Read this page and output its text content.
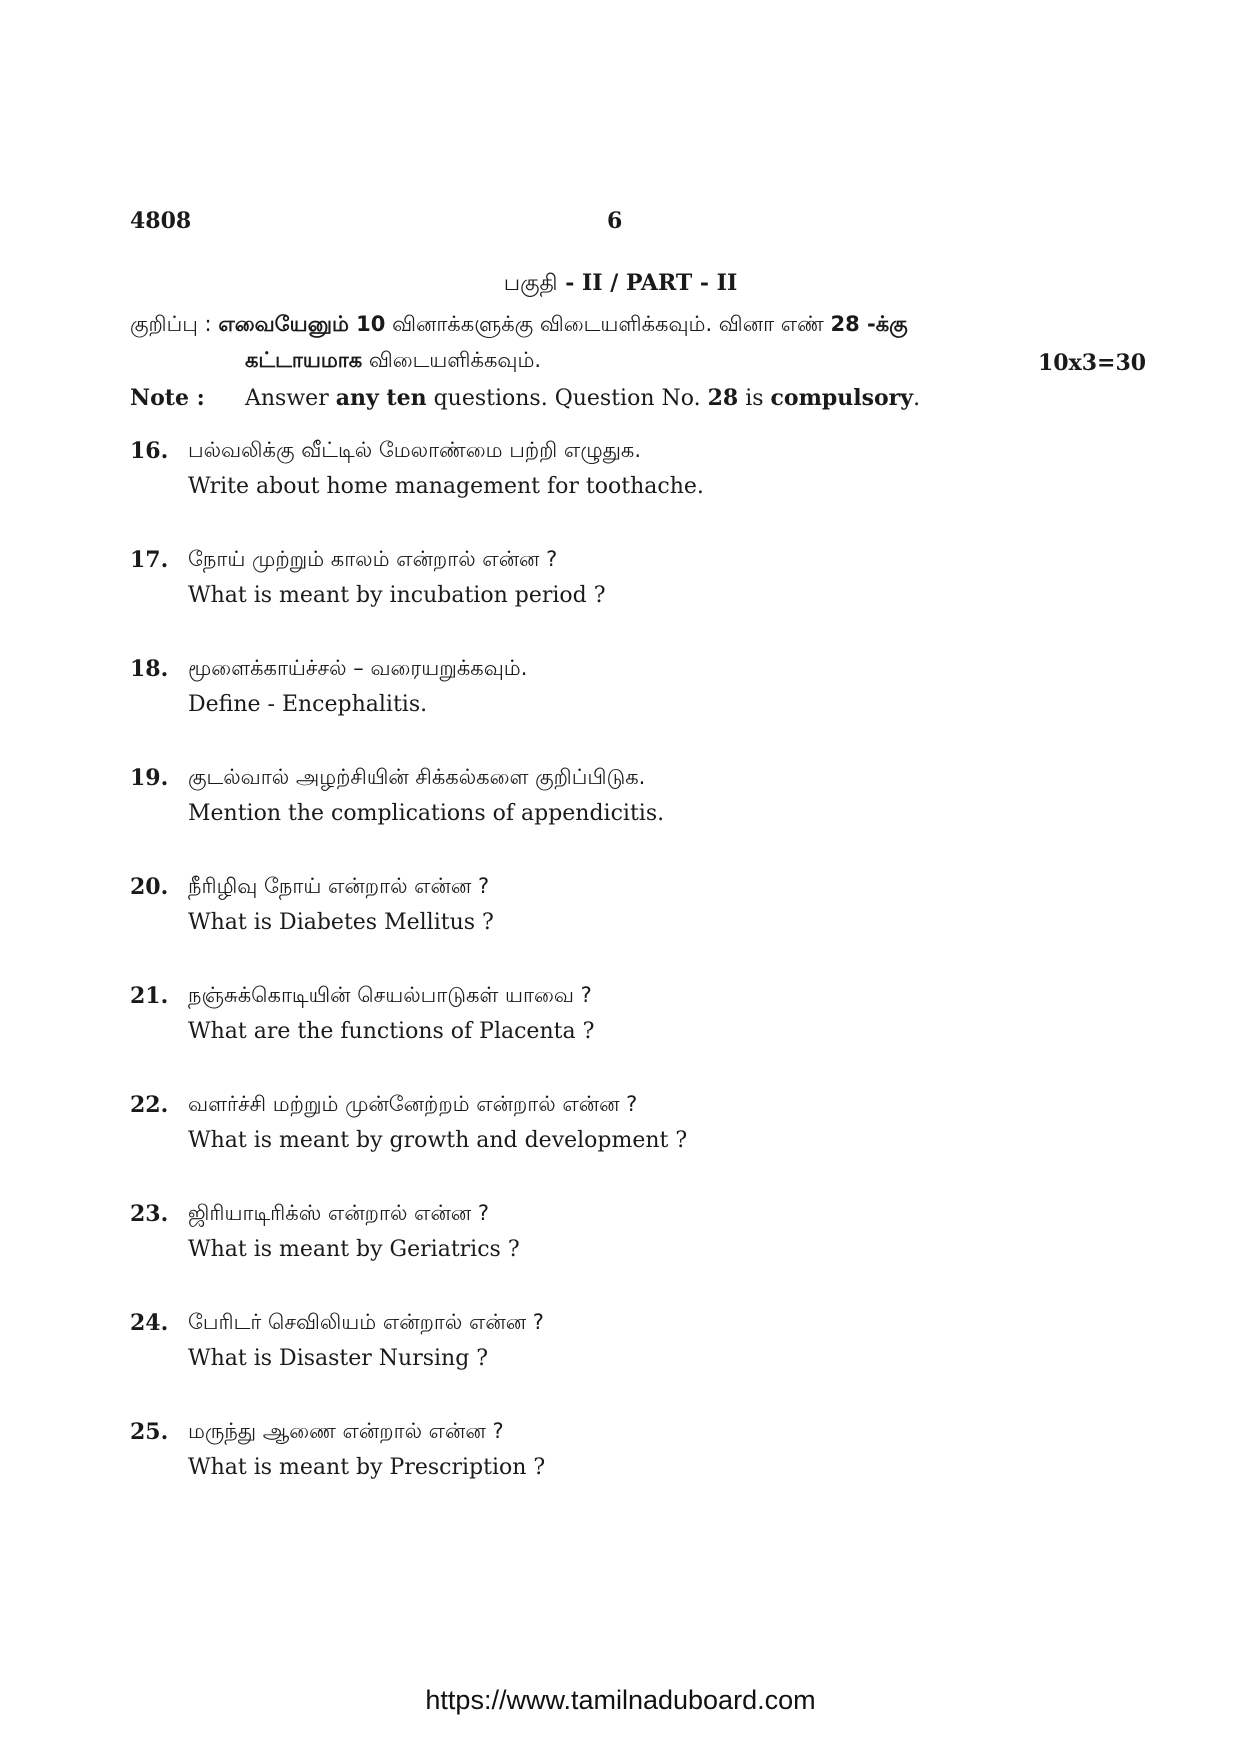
4808	6
பகுதி - II / PART - II
குறிப்பு : எவையேனும் 10 வினாக்களுக்கு விடையளிக்கவும். வினா எண் 28 -க்கு
கட்டாயமாக விடையளிக்கவும்.	10x3=30
Note : Answer any ten questions. Question No. 28 is compulsory.
16. பல்வலிக்கு வீட்டில் மேலாண்மை பற்றி எழுதுக.
Write about home management for toothache.
17. நோய் முற்றும் காலம் என்றால் என்ன ?
What is meant by incubation period ?
18. மூளைக்காய்ச்சல் – வரையறுக்கவும்.
Define - Encephalitis.
19. குடல்வால் அழற்சியின் சிக்கல்களை குறிப்பிடுக.
Mention the complications of appendicitis.
20. நீரிழிவு நோய் என்றால் என்ன ?
What is Diabetes Mellitus ?
21. நஞ்சுக்கொடியின் செயல்பாடுகள் யாவை ?
What are the functions of Placenta ?
22. வளர்ச்சி மற்றும் முன்னேற்றம் என்றால் என்ன ?
What is meant by growth and development ?
23. ஜிரியாடிரிக்ஸ் என்றால் என்ன ?
What is meant by Geriatrics ?
24. பேரிடர் செவிலியம் என்றால் என்ன ?
What is Disaster Nursing ?
25. மருந்து ஆணை என்றால் என்ன ?
What is meant by Prescription ?
https://www.tamilnaduboard.com
